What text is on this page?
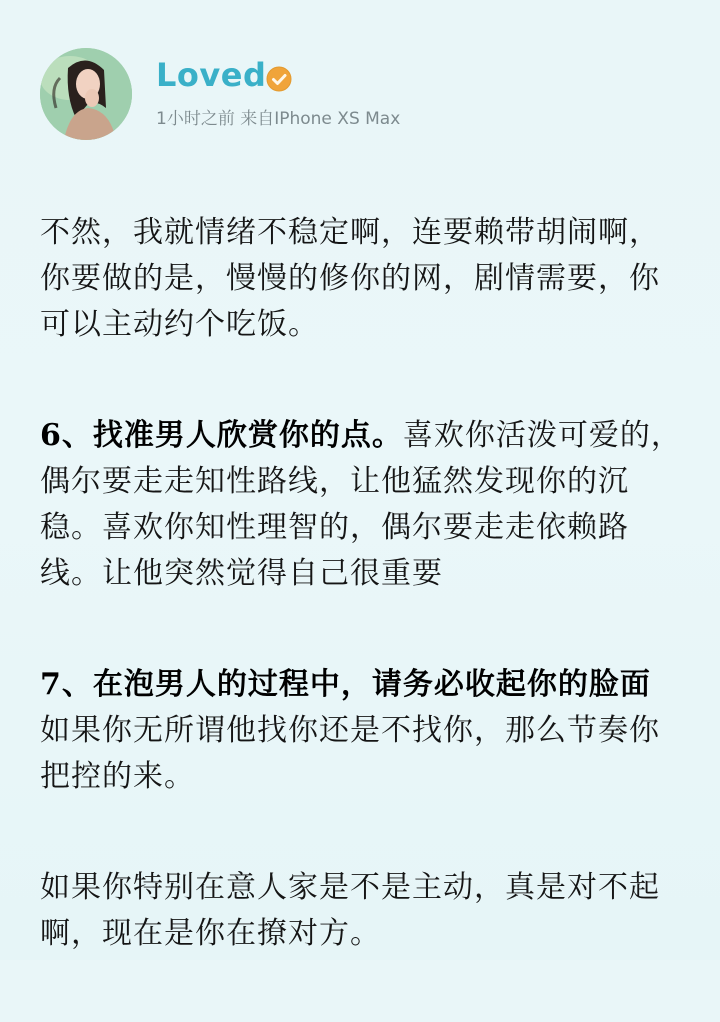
Loved
1小时之前 来自IPhone XS Max

不然，我就情绪不稳定啊，连要赖带胡闹啊，你要做的是，慢慢的修你的网，剧情需要，你可以主动约个吃饭。

6、找准男人欣赏你的点。喜欢你活泼可爱的，偶尔要走走知性路线，让他猛然发现你的沉稳。喜欢你知性理智的，偶尔要走走依赖路线。让他突然觉得自己很重要

7、在泡男人的过程中，请务必收起你的脸面
如果你无所谓他找你还是不找你，那么节奏你把控的来。

如果你特别在意人家是不是主动，真是对不起啊，现在是你在撩对方。
